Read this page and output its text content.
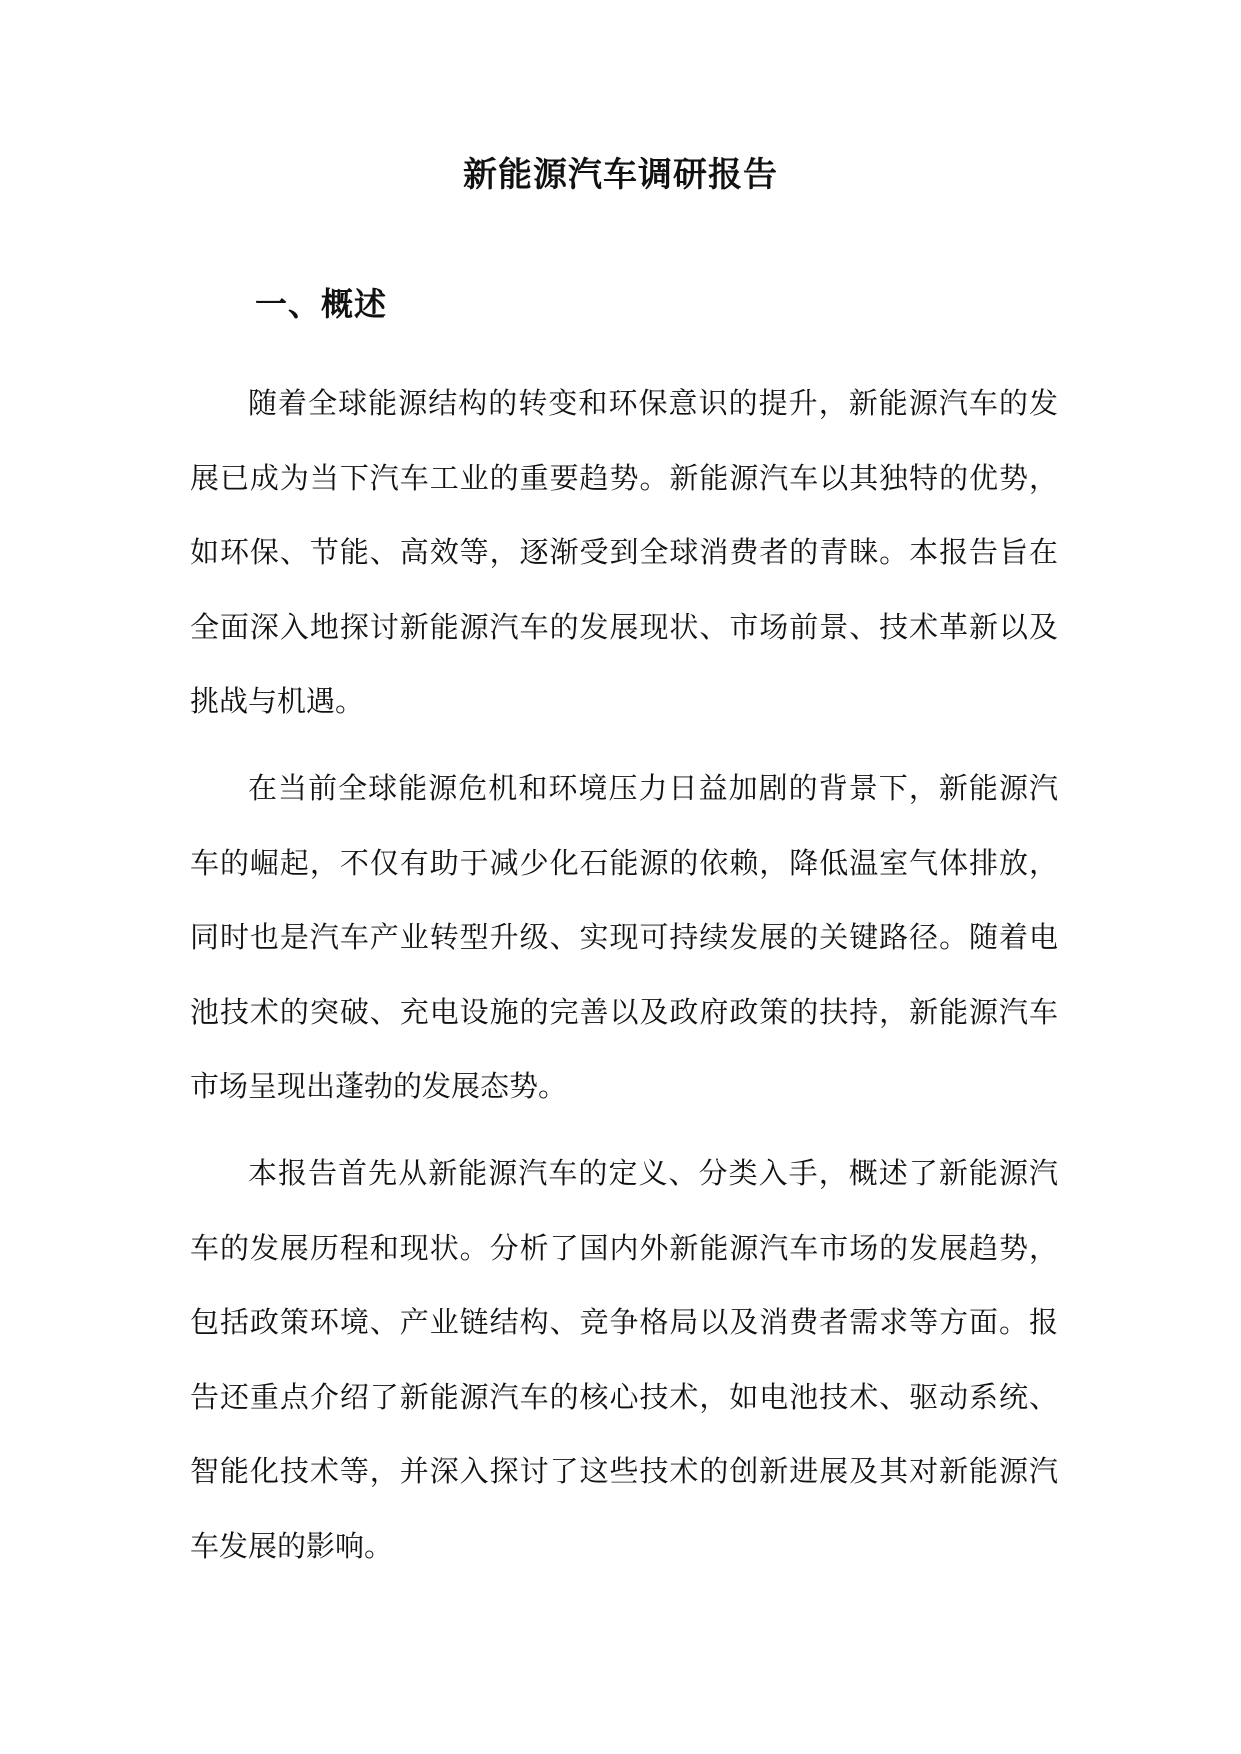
新能源汽车调研报告
一、概述

随着全球能源结构的转变和环保意识的提升，新能源汽车的发展已成为当下汽车工业的重要趋势。新能源汽车以其独特的优势，如环保、节能、高效等，逐渐受到全球消费者的青睐。本报告旨在全面深入地探讨新能源汽车的发展现状、市场前景、技术革新以及挑战与机遇。

在当前全球能源危机和环境压力日益加剧的背景下，新能源汽车的崛起，不仅有助于减少化石能源的依赖，降低温室气体排放，同时也是汽车产业转型升级、实现可持续发展的关键路径。随着电池技术的突破、充电设施的完善以及政府政策的扶持，新能源汽车市场呈现出蓬勃的发展态势。

本报告首先从新能源汽车的定义、分类入手，概述了新能源汽车的发展历程和现状。分析了国内外新能源汽车市场的发展趋势，包括政策环境、产业链结构、竞争格局以及消费者需求等方面。报告还重点介绍了新能源汽车的核心技术，如电池技术、驱动系统、智能化技术等，并深入探讨了这些技术的创新进展及其对新能源汽车发展的影响。
